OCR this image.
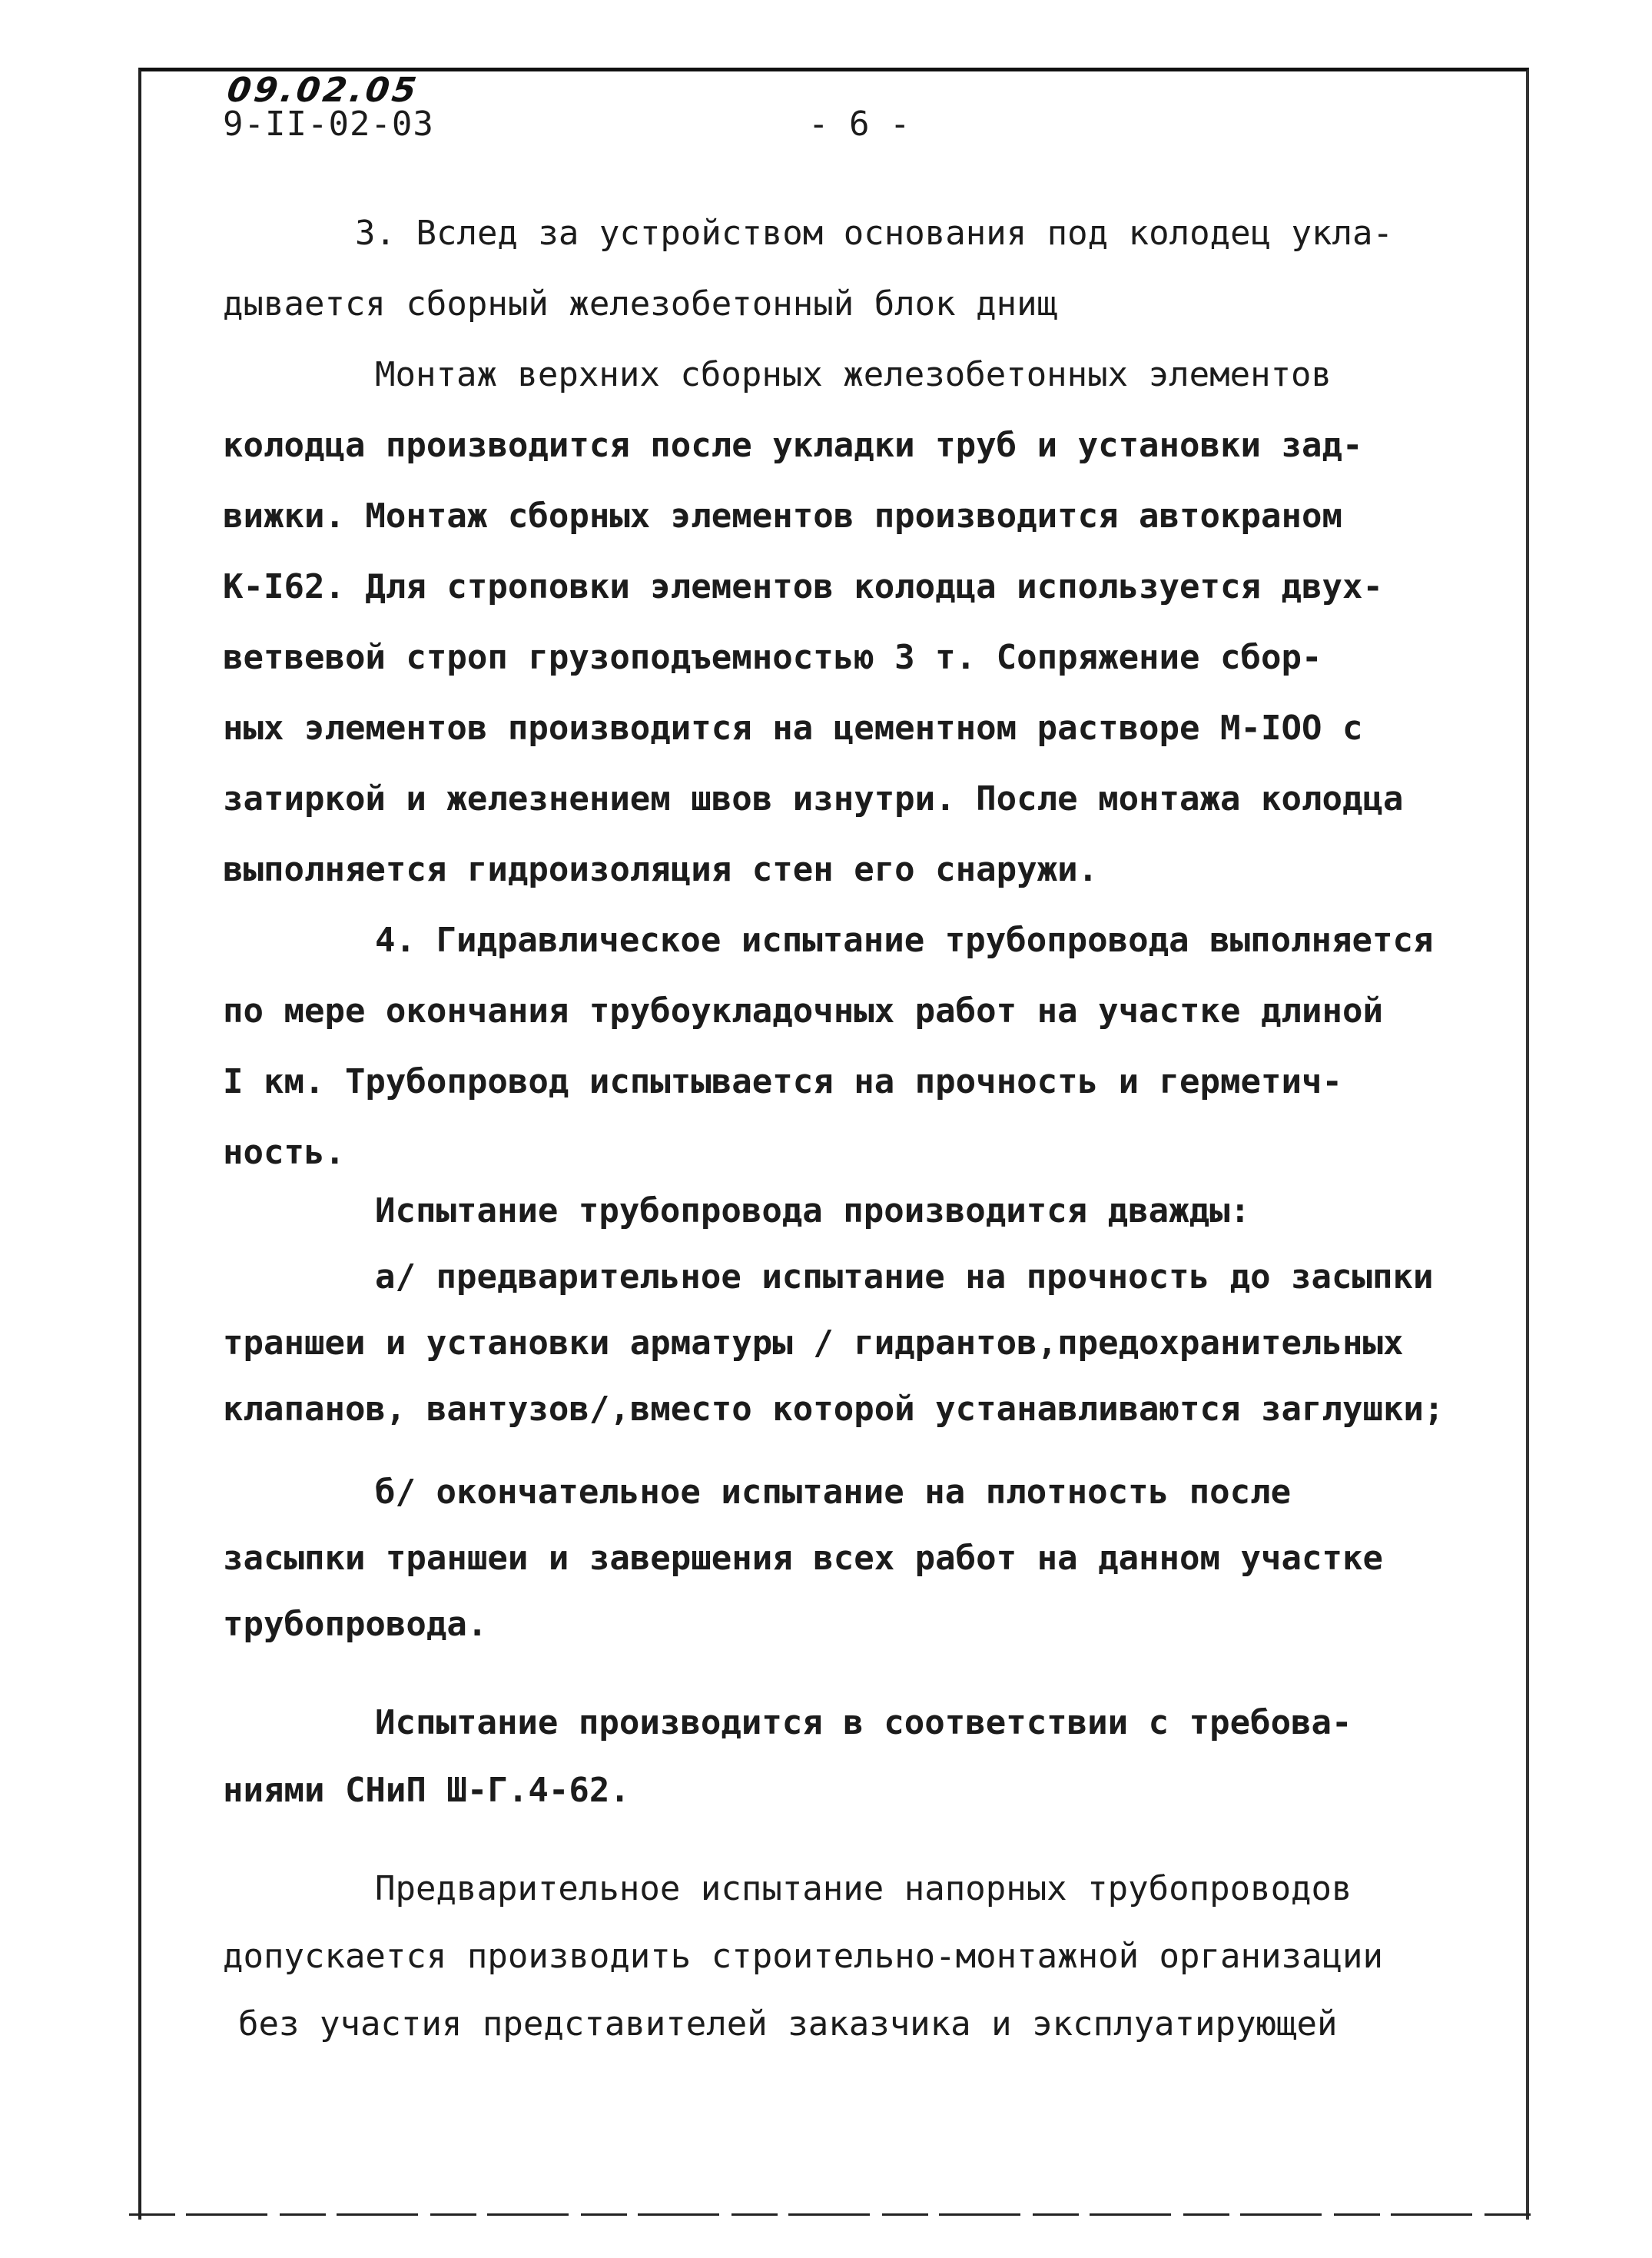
09.02.05
9-II-02-03	- 6 -
3. Вслед за устройством основания под колодец укла-
дывается сборный железобетонный блок днищ
Монтаж верхних сборных железобетонных элементов
колодца производится после укладки труб и установки зад-
вижки. Монтаж сборных элементов производится автокраном
К-I62. Для строповки элементов колодца используется двух-
ветвевой строп грузоподъемностью 3 т. Сопряжение сбор-
ных элементов производится на цементном растворе М-IOO с
затиркой и железнением швов изнутри. После монтажа колодца
выполняется гидроизоляция стен его снаружи.
4. Гидравлическое испытание трубопровода выполняется
по мере окончания трубоукладочных работ на участке длиной
I км. Трубопровод испытывается на прочность и герметич-
ность.
Испытание трубопровода производится дважды:
а/ предварительное испытание на прочность до засыпки
траншеи и установки арматуры / гидрантов,предохранительных
клапанов, вантузов/,вместо которой устанавливаются заглушки;
б/ окончательное испытание на плотность после
засыпки траншеи и завершения всех работ на данном участке
трубопровода.
Испытание производится в соответствии с требова-
ниями СНиП Ш-Г.4-62.
Предварительное испытание напорных трубопроводов
допускается производить строительно-монтажной организации
без участия представителей заказчика и эксплуатирующей
